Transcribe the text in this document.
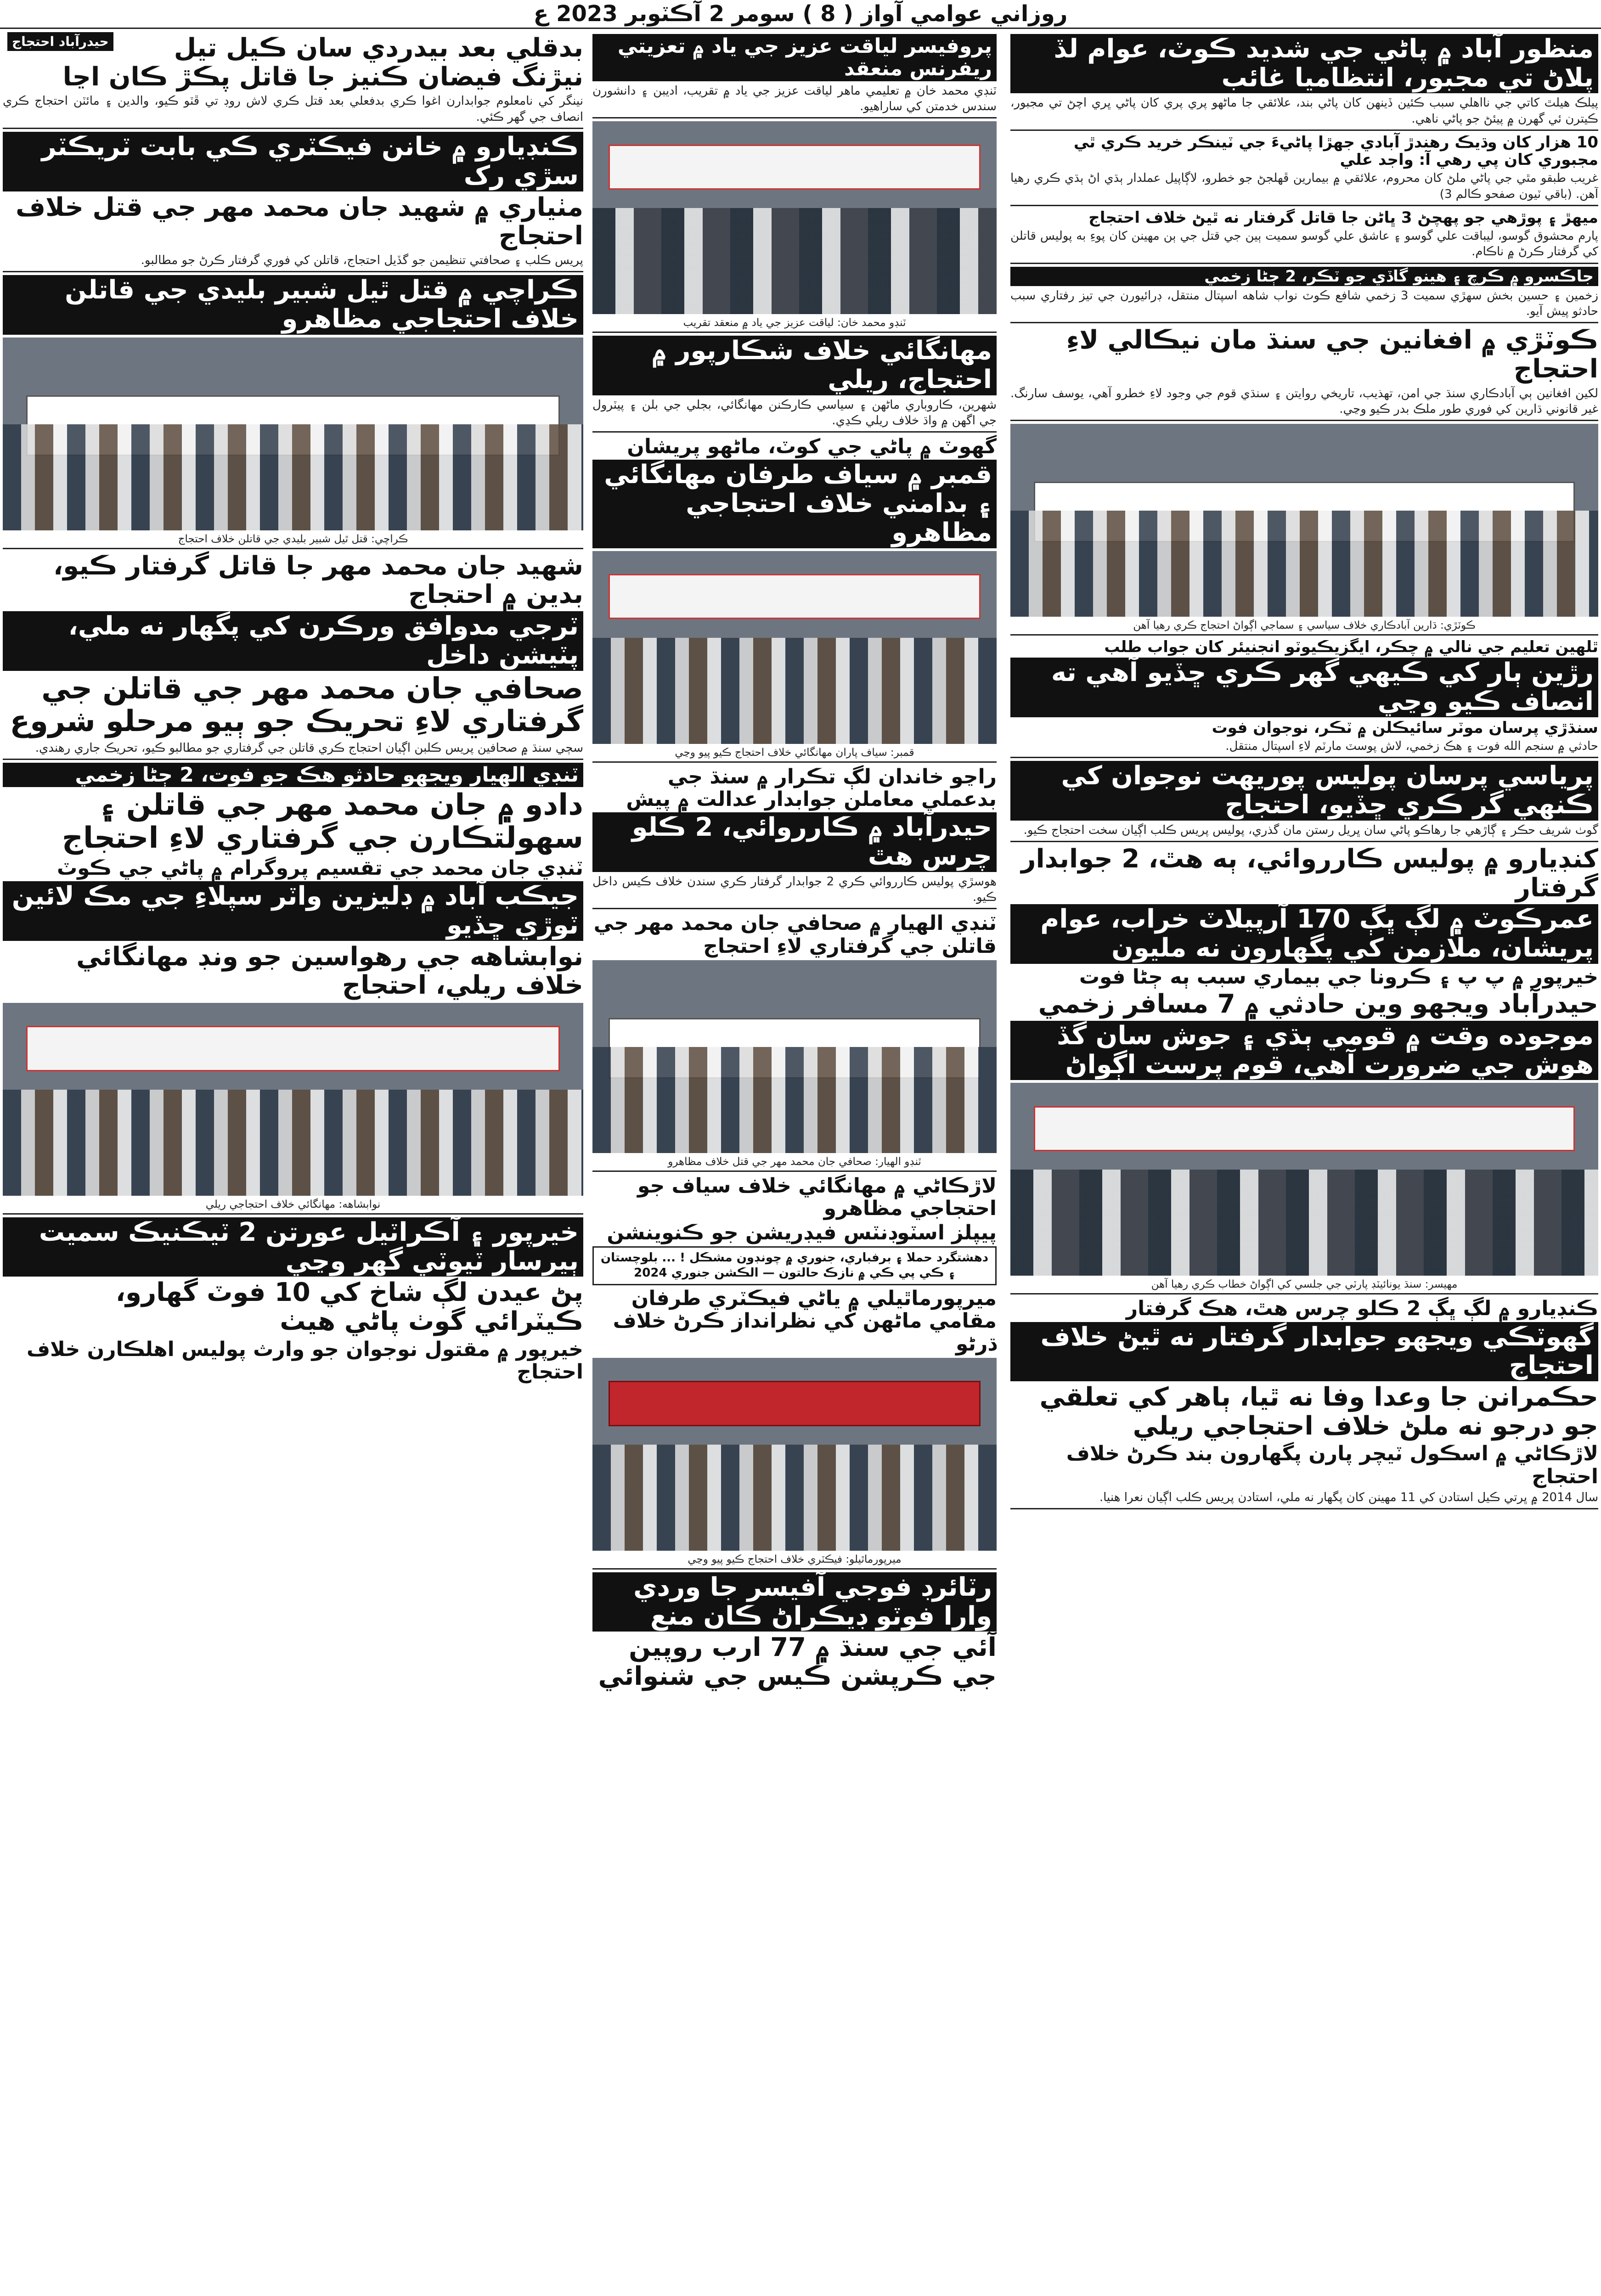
روزاني عوامي آواز ( 8 ) سومر 2 آڪٽوبر 2023 ع
منظور آباد ۾ پاڻي جي شديد ڪوٽ، عوام لڏ پلاڻ تي مجبور، انتظاميا غائب
پيلڪ هيلٿ کاتي جي نااهلي سبب ڪئين ڏينهن کان پاڻي بند، علائقي جا ماڻهو پري پري کان پاڻي ڀري اچڻ تي مجبور، ڪيترن ئي گهرن ۾ پيئڻ جو پاڻي ناهي.
10 هزار کان وڌيڪ رهندڙ آبادي جهڙا پاڻيءَ جي ٽينڪر خريد ڪري ٿي مجبوري کان پي رهي آ: واجد علي
غريب طبقو مٿي جي پاڻي ملڻ کان محروم، علائقي ۾ بيمارين ڦهلجڻ جو خطرو، لاڳاپيل عملدار ٻڌي اڻ ٻڌي ڪري رهيا آهن. (باقي ٽيون صفحو ڪالم 3)
ميهڙ ۽ پوڙهي جو پهچڻ 3 ڀاڻن جا قاتل گرفتار نه ٿيڻ خلاف احتجاج
پارم محشوق گوسو، ليباقت علي گوسو ۽ عاشق علي گوسو سميت ٻين جي قتل جي ٻن مهينن کان پوءِ به پوليس قاتلن کي گرفتار ڪرڻ ۾ ناڪام.
جاڪسرو ۾ ڪرچ ۽ هينو گاڏي جو ٽڪر، 2 ڄڻا زخمي
زخمين ۽ حسين بخش سهڙي سميت 3 زخمي شافع ڪوٽ نواب شاهه اسپتال منتقل، ڊرائيورن جي تيز رفتاري سبب حادثو پيش آيو.
ڪوٽڙي ۾ افغانين جي سنڌ مان نيڪالي لاءِ احتجاج
لکين افغانين ٻي آبادڪاري سنڌ جي امن، تهذيب، تاريخي روايتن ۽ سنڌي قوم جي وجود لاءِ خطرو آهي، يوسف سارنگ. غير قانوني ڌارين کي فوري طور ملڪ بدر ڪيو وڃي.
ڪوٽڙي: ڌارين آبادڪاري خلاف سياسي ۽ سماجي اڳواڻ احتجاج ڪري رهيا آهن
ٿلهين تعليم جي نالي ۾ چڪر، ايگزيڪيوٽو انجنيئر کان جواب طلب
رڙين ٻار کي ڪيهي گهر ڪري ڇڏيو آهي ته انصاف ڪيو وڃي
سنڌڙي پرسان موٽر سائيڪلن ۾ ٽڪر، نوجوان فوت
حادثي ۾ سنجم الله فوت ۽ هڪ زخمي، لاش پوسٽ مارٽم لاءِ اسپتال منتقل.
پرياسي پرسان پوليس پوريهت نوجوان کي ڪنهي گر ڪري ڇڏيو، احتجاج
گوٺ شريف حڪر ۽ ڳاڙهي جا رهاڪو پاڻي سان ڀريل رستن مان گذري، پوليس پريس ڪلب اڳيان سخت احتجاج ڪيو.
کنڊيارو ۾ پوليس ڪارروائي، ٻه هٿ، 2 جوابدار گرفتار
عمرڪوٽ ۾ لڳ ڀڳ 170 آرپيلاٽ خراب، عوام پريشان، ملازمن کي پگهارون نه مليون
خيرپور ۾ پ پ ۽ ڪرونا جي بيماري سبب ٻه ڄڻا فوت
حيدرآباد ويجهو وين حادثي ۾ 7 مسافر زخمي
موجوده وقت ۾ قومي ٻڌي ۽ جوش سان گڏ هوش جي ضرورت آهي، قوم پرست اڳواڻ
مهيسر: سنڌ يونائيٽڊ پارٽي جي جلسي کي اڳواڻ خطاب ڪري رهيا آهن
ڪنڊيارو ۾ لڳ ڀڳ 2 ڪلو چرس هٿ، هڪ گرفتار
گهوٽڪي ويجهو جوابدار گرفتار نه ٿيڻ خلاف احتجاج
حڪمرانن جا وعدا وفا نه ٿيا، ٻاهر کي تعلقي جو درجو نه ملڻ خلاف احتجاجي ريلي
لاڙڪاڻي ۾ اسڪول ٽيچر پارن پگهارون بند ڪرڻ خلاف احتجاج
سال 2014 ۾ ڀرتي ڪيل استادن کي 11 مهينن کان پگهار نه ملي، استادن پريس ڪلب اڳيان نعرا هنيا.
پروفيسر لياقت عزيز جي ياد ۾ تعزيتي ريفرنس منعقد
ٽنڊي محمد خان ۾ تعليمي ماهر لياقت عزيز جي ياد ۾ تقريب، اديبن ۽ دانشورن سندس خدمتن کي ساراهيو.
ٽنڊو محمد خان: لياقت عزيز جي ياد ۾ منعقد تقريب
مهانگائي خلاف شڪارپور ۾ احتجاج، ريلي
شهرين، ڪاروباري ماڻهن ۽ سياسي ڪارڪنن مهانگائي، بجلي جي بلن ۽ پيٽرول جي اگهن ۾ واڌ خلاف ريلي ڪڍي.
گهوٽ ۾ پاڻي جي کوٽ، ماڻهو پريشان
قمبر ۾ سياف طرفان مهانگائي ۽ بدامني خلاف احتجاجي مظاهرو
قمبر: سياف پاران مهانگائي خلاف احتجاج ڪيو پيو وڃي
راڃو خاندان لڳ تڪرار ۾ سنڌ جي بدعملي معاملن جوابدار عدالت ۾ پيش
حيدرآباد ۾ ڪارروائي، 2 ڪلو چرس هٿ
هوسڙي پوليس ڪارروائي ڪري 2 جوابدار گرفتار ڪري سندن خلاف ڪيس داخل ڪيو.
ٽنڊي الهيار ۾ صحافي جان محمد مهر جي قاتلن جي گرفتاري لاءِ احتجاج
ٽنڊو الهيار: صحافي جان محمد مهر جي قتل خلاف مظاهرو
لاڙڪاڻي ۾ مهانگائي خلاف سياف جو احتجاجي مظاهرو
پيپلز اسٽوڊنٽس فيڊريشن جو ڪنوينشن
دهشتگرد حملا ۽ برفباري، جنوري ۾ چونڊون مشڪل ! ... بلوچستان ۽ ڪي پي ڪي ۾ نازڪ حالتون — الڪشن جنوري 2024
ميرپورماٿيلي ۾ ياڻي فيڪٽري طرفان مقامي ماڻهن کي نظرانداز ڪرڻ خلاف ڌرڻو
ميرپورماٿيلو: فيڪٽري خلاف احتجاج ڪيو پيو وڃي
رٽائرڊ فوجي آفيسر جا وردي وارا فوٽو ڊيڪراڻ ڪان منع
آئي جي سنڌ ۾ 77 ارب روپين جي ڪرپشن ڪيس جي شنوائي
حيدرآباد احتجاج	بدقلي بعد بيدردي سان ڪيل تيل نيڙنگ فيضان ڪنيز جا قاتل پڪڙ ڪان اڃا
نينگر کي نامعلوم جوابدارن اغوا ڪري بدفعلي بعد قتل ڪري لاش روڊ تي ڦٽو ڪيو، والدين ۽ مائٽن احتجاج ڪري انصاف جي گهر ڪئي.
ڪنڊيارو ۾ خانن فيڪٽري ڪي بابت ٽريڪٽر سڙي رک
مٺياري ۾ شهيد جان محمد مهر جي قتل خلاف احتجاج
پريس ڪلب ۽ صحافتي تنظيمن جو گڏيل احتجاج، قاتلن کي فوري گرفتار ڪرڻ جو مطالبو.
ڪراچي ۾ قتل ٿيل شبير بليدي جي قاتلن خلاف احتجاجي مظاهرو
ڪراچي: قتل ٿيل شبير بليدي جي قاتلن خلاف احتجاج
شهيد جان محمد مهر جا قاتل گرفتار ڪيو، بدين ۾ احتجاج
ٽرجي مدوافق ورڪرن کي پگهار نه ملي، پٽيشن داخل
صحافي جان محمد مهر جي قاتلن جي گرفتاري لاءِ تحريڪ جو ٻيو مرحلو شروع
سڄي سنڌ ۾ صحافين پريس ڪلبن اڳيان احتجاج ڪري قاتلن جي گرفتاري جو مطالبو ڪيو، تحريڪ جاري رهندي.
ٽنڊي الهيار ويجهو حادثو هڪ جو فوت، 2 ڄڻا زخمي
دادو ۾ جان محمد مهر جي قاتلن ۽ سهولتڪارن جي گرفتاري لاءِ احتجاج
ٽنڊي جان محمد جي تقسيم پروگرام ۾ پاڻي جي ڪوٽ
جيڪب آباد ۾ ڊليزين واٽر سپلاءِ جي مڪ لائين ٽوڙي ڇڏيو
نوابشاهه جي رهواسين جو ونڊ مهانگائي خلاف ريلي، احتجاج
نوابشاهه: مهانگائي خلاف احتجاجي ريلي
خيرپور ۽ آڪراٽيل عورتن 2 ٽيڪنيڪ سميت ٻيرسار ٽيوٽي گهر وڃي
پڻ عيدن لڳ شاخ کي 10 فوٽ گهارو، ڪيٽرائي گوٺ پاڻي هيٺ
خيرپور ۾ مقتول نوجوان جو وارث پوليس اهلڪارن خلاف احتجاج
